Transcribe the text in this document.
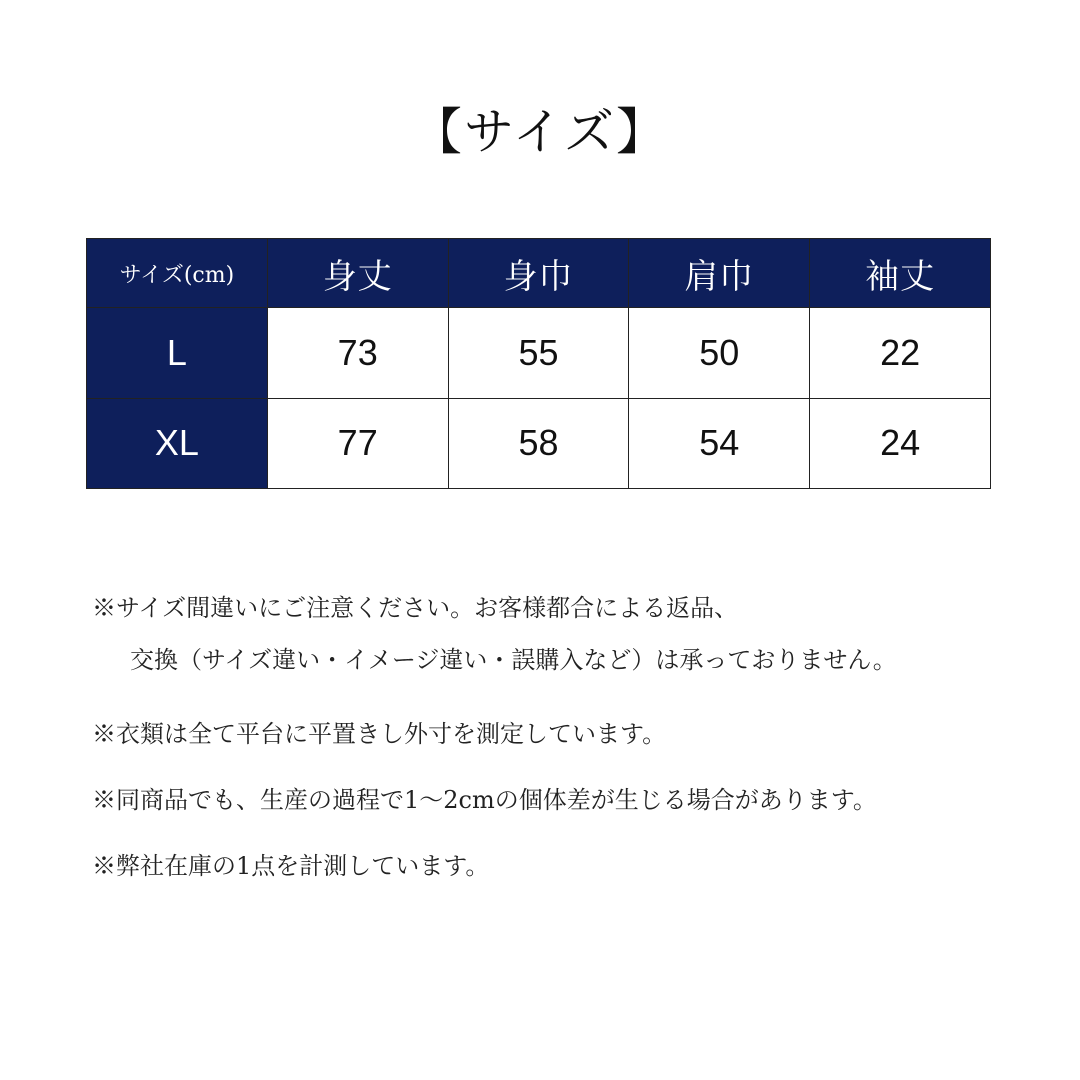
【サイズ】
サイズ(cm)	身丈	身巾	肩巾	袖丈
L	73	55	50	22
XL	77	58	54	24

※サイズ間違いにご注意ください。お客様都合による返品、

交換（サイズ違い・イメージ違い・誤購入など）は承っておりません。

※衣類は全て平台に平置きし外寸を測定しています。

※同商品でも、生産の過程で1～2cmの個体差が生じる場合があります。

※弊社在庫の1点を計測しています。
